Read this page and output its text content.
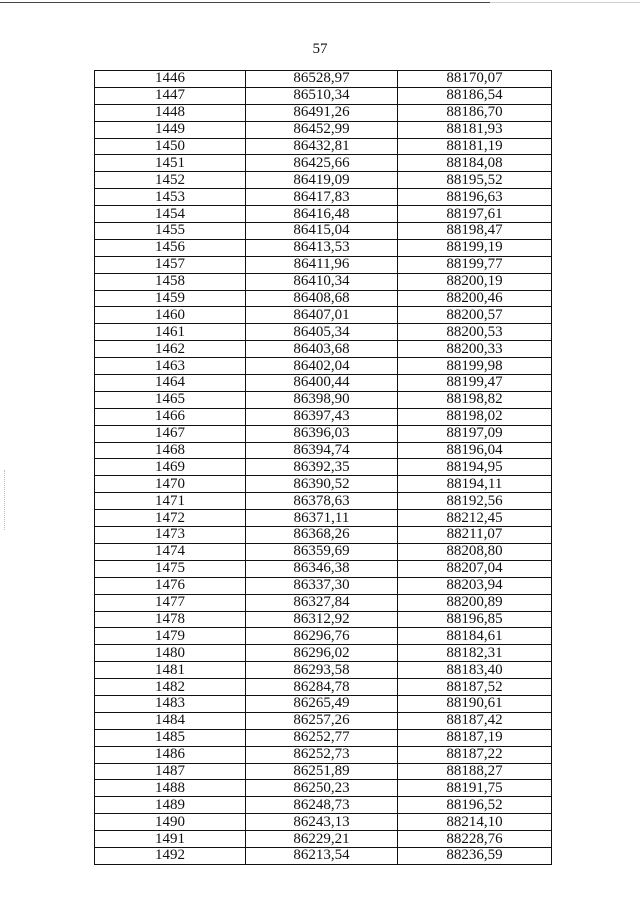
57
1446	86528,97	88170,07
1447	86510,34	88186,54
1448	86491,26	88186,70
1449	86452,99	88181,93
1450	86432,81	88181,19
1451	86425,66	88184,08
1452	86419,09	88195,52
1453	86417,83	88196,63
1454	86416,48	88197,61
1455	86415,04	88198,47
1456	86413,53	88199,19
1457	86411,96	88199,77
1458	86410,34	88200,19
1459	86408,68	88200,46
1460	86407,01	88200,57
1461	86405,34	88200,53
1462	86403,68	88200,33
1463	86402,04	88199,98
1464	86400,44	88199,47
1465	86398,90	88198,82
1466	86397,43	88198,02
1467	86396,03	88197,09
1468	86394,74	88196,04
1469	86392,35	88194,95
1470	86390,52	88194,11
1471	86378,63	88192,56
1472	86371,11	88212,45
1473	86368,26	88211,07
1474	86359,69	88208,80
1475	86346,38	88207,04
1476	86337,30	88203,94
1477	86327,84	88200,89
1478	86312,92	88196,85
1479	86296,76	88184,61
1480	86296,02	88182,31
1481	86293,58	88183,40
1482	86284,78	88187,52
1483	86265,49	88190,61
1484	86257,26	88187,42
1485	86252,77	88187,19
1486	86252,73	88187,22
1487	86251,89	88188,27
1488	86250,23	88191,75
1489	86248,73	88196,52
1490	86243,13	88214,10
1491	86229,21	88228,76
1492	86213,54	88236,59
